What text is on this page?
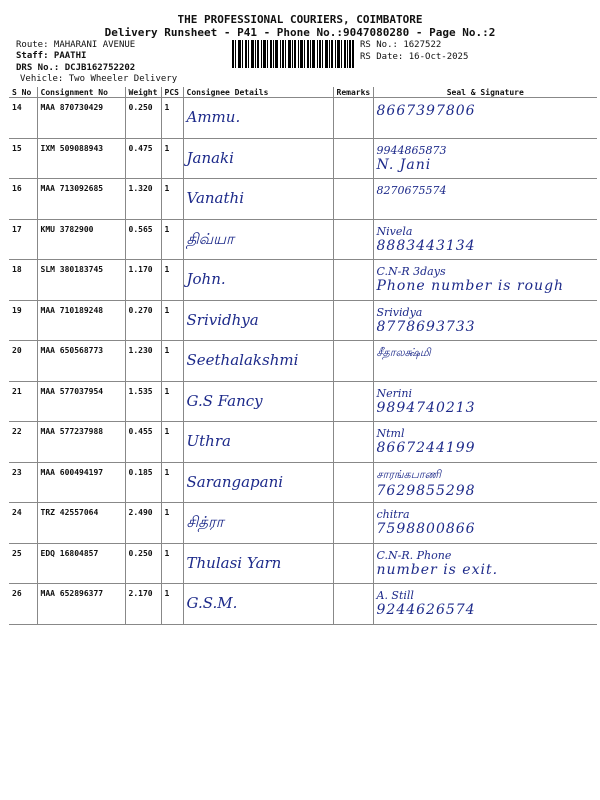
THE PROFESSIONAL COURIERS, COIMBATORE
Delivery Runsheet - P41 - Phone No.:9047080280 - Page No.:2
Route: MAHARANI AVENUE
Staff: PAATHI
DRS No.: DCJB162752202
Vehicle: Two Wheeler Delivery
RS No.: 1627522
RS Date: 16-Oct-2025
S No	Consignment No	Weight	PCS	Consignee Details	Remarks	Seal & Signature
14	MAA 870730429	0.250	1	Ammu.		8667397806

15	IXM 509088943	0.475	1	Janaki		9944865873
N. Jani

16	MAA 713092685	1.320	1	Vanathi		8270675574

17	KMU 3782900	0.565	1	திவ்யா		Nivela
8883443134

18	SLM 380183745	1.170	1	John.		C.N-R 3days
Phone number is rough

19	MAA 710189248	0.270	1	Srividhya		Srividya
8778693733

20	MAA 650568773	1.230	1	Seethalakshmi		சீதாலக்ஷ்மி

21	MAA 577037954	1.535	1	G.S Fancy		Nerini
9894740213

22	MAA 577237988	0.455	1	Uthra		Ntml
8667244199

23	MAA 600494197	0.185	1	Sarangapani		சாரங்கபாணி
7629855298

24	TRZ 42557064	2.490	1	சித்ரா		chitra
7598800866

25	EDQ 16804857	0.250	1	Thulasi Yarn		C.N-R. Phone
number is exit.

26	MAA 652896377	2.170	1	G.S.M.		A. Still
9244626574
